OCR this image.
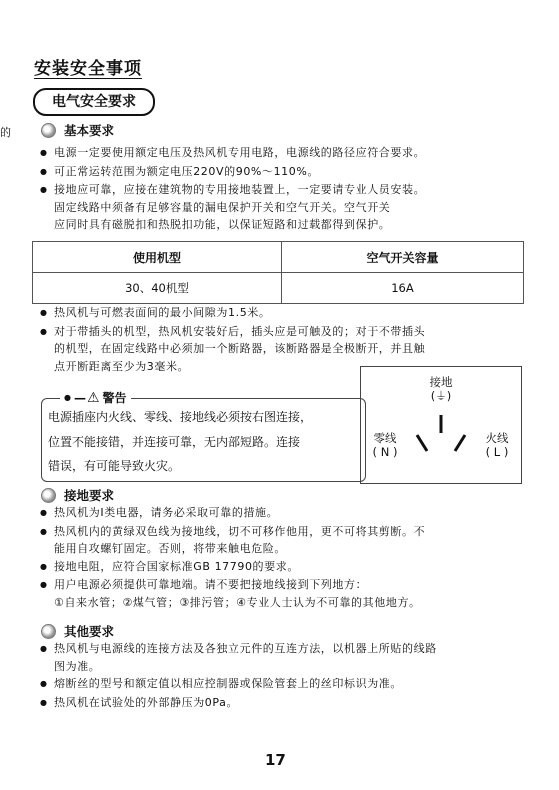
安装安全事项
电气安全要求
的	基本要求
●
电源一定要使用额定电压及热风机专用电路，电源线的路径应符合要求。
●
可正常运转范围为额定电压220V的90%～110%。
●
接地应可靠，应接在建筑物的专用接地装置上，一定要请专业人员安装。
固定线路中须备有足够容量的漏电保护开关和空气开关。空气开关
应同时具有磁脱扣和热脱扣功能，以保证短路和过载都得到保护。
使用机型	空气开关容量
30、40机型	16A
●
热风机与可燃表面间的最小间隙为1.5米。
●
对于带插头的机型，热风机安装好后，插头应是可触及的；对于不带插头
的机型，在固定线路中必须加一个断路器，该断路器是全极断开，并且触
点开断距离至少为3毫米。
● — ⚠ 警告
电源插座内火线、零线、接地线必须按右图连接，
位置不能接错，并连接可靠，无内部短路。连接
错误，有可能导致火灾。
接地
(⏚)
零线
( N )
火线
( L )
接地要求
●
热风机为Ⅰ类电器，请务必采取可靠的措施。
●
热风机内的黄绿双色线为接地线，切不可移作他用，更不可将其剪断。不
能用自攻螺钉固定。否则，将带来触电危险。
●
接地电阻，应符合国家标准GB 17790的要求。
●
用户电源必须提供可靠地端。请不要把接地线接到下列地方：
①自来水管；②煤气管；③排污管；④专业人士认为不可靠的其他地方。
其他要求
●
热风机与电源线的连接方法及各独立元件的互连方法，以机器上所贴的线路
图为准。
●
熔断丝的型号和额定值以相应控制器或保险管套上的丝印标识为准。
●
热风机在试验处的外部静压为0Pa。
17
